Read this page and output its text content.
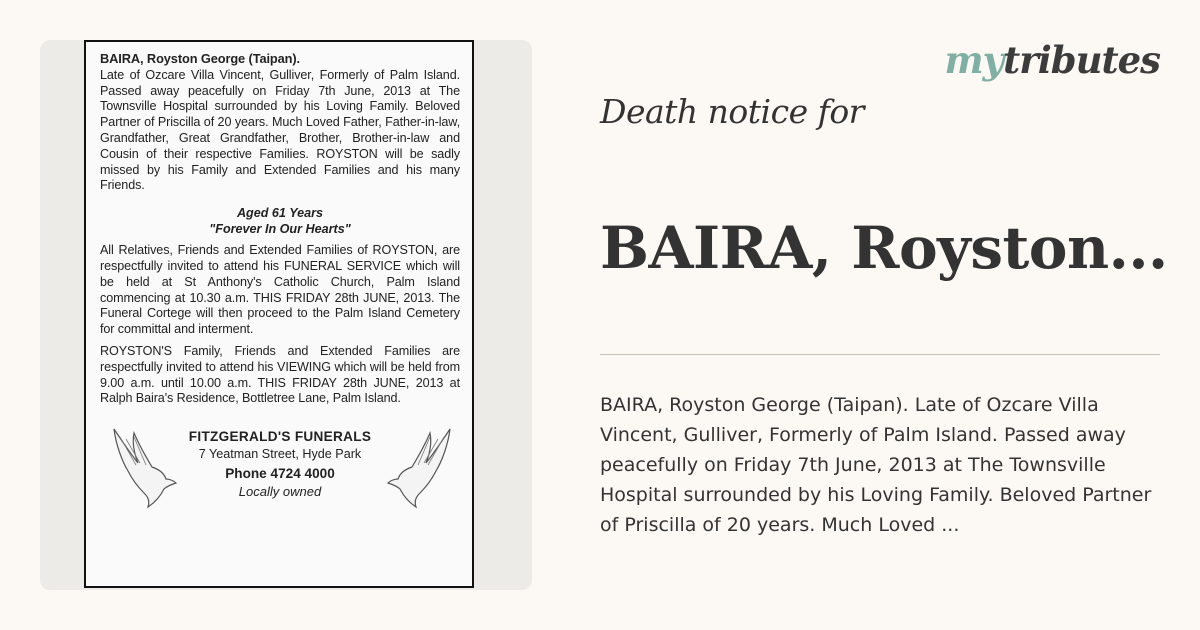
BAIRA, Royston George (Taipan).

Late of Ozcare Villa Vincent, Gulliver, Formerly of Palm Island. Passed away peacefully on Friday 7th June, 2013 at The Townsville Hospital surrounded by his Loving Family. Beloved Partner of Priscilla of 20 years. Much Loved Father, Father-in-law, Grandfather, Great Grandfather, Brother, Brother-in-law and Cousin of their respective Families. ROYSTON will be sadly missed by his Family and Extended Families and his many Friends.

Aged 61 Years
"Forever In Our Hearts"

All Relatives, Friends and Extended Families of ROYSTON, are respectfully invited to attend his FUNERAL SERVICE which will be held at St Anthony's Catholic Church, Palm Island commencing at 10.30 a.m. THIS FRIDAY 28th JUNE, 2013. The Funeral Cortege will then proceed to the Palm Island Cemetery for committal and interment.

ROYSTON'S Family, Friends and Extended Families are respectfully invited to attend his VIEWING which will be held from 9.00 a.m. until 10.00 a.m. THIS FRIDAY 28th JUNE, 2013 at Ralph Baira's Residence, Bottletree Lane, Palm Island.

FITZGERALD'S FUNERALS
7 Yeatman Street, Hyde Park
Phone 4724 4000
Locally owned
mytributes
Death notice for
BAIRA, Royston...
BAIRA, Royston George (Taipan). Late of Ozcare Villa Vincent, Gulliver, Formerly of Palm Island. Passed away peacefully on Friday 7th June, 2013 at The Townsville Hospital surrounded by his Loving Family. Beloved Partner of Priscilla of 20 years. Much Loved ...
